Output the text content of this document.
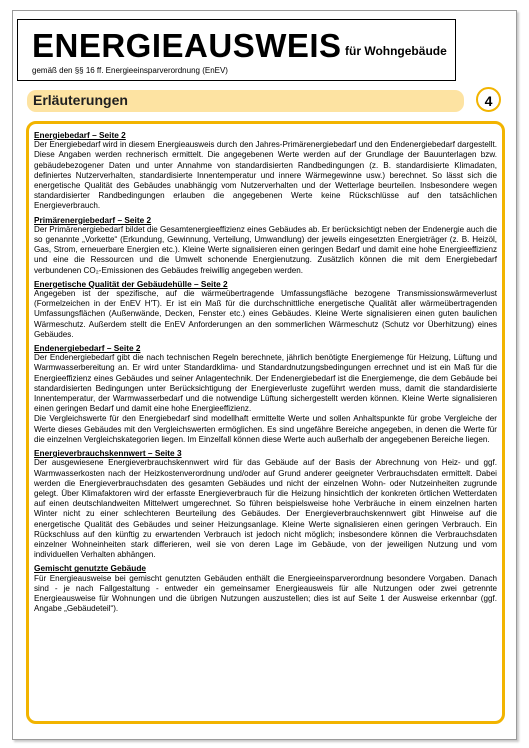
ENERGIEAUSWEIS für Wohngebäude
gemäß den §§ 16 ff. Energieeinsparverordnung (EnEV)
Erläuterungen	4
Energiebedarf – Seite 2

Der Energiebedarf wird in diesem Energieausweis durch den Jahres-Primärenergiebedarf und den Endenergiebedarf dargestellt. Diese Angaben werden rechnerisch ermittelt. Die angegebenen Werte werden auf der Grundlage der Bauunterlagen bzw. gebäudebezogener Daten und unter Annahme von standardisierten Randbedingungen (z. B. standardisierte Klimadaten, definiertes Nutzerverhalten, standardisierte Innentemperatur und innere Wärmegewinne usw.) berechnet. So lässt sich die energetische Qualität des Gebäudes unabhängig vom Nutzerverhalten und der Wetterlage beurteilen. Insbesondere wegen standardisierter Randbedingungen erlauben die angegebenen Werte keine Rückschlüsse auf den tatsächlichen Energieverbrauch.

Primärenergiebedarf – Seite 2

Der Primärenergiebedarf bildet die Gesamtenergieeffizienz eines Gebäudes ab. Er berücksichtigt neben der Endenergie auch die so genannte „Vorkette“ (Erkundung, Gewinnung, Verteilung, Umwandlung) der jeweils eingesetzten Energieträger (z. B. Heizöl, Gas, Strom, erneuerbare Energien etc.). Kleine Werte signalisieren einen geringen Bedarf und damit eine hohe Energieeffizienz und eine die Ressourcen und die Umwelt schonende Energienutzung. Zusätzlich können die mit dem Energiebedarf verbundenen CO₂-Emissionen des Gebäudes freiwillig angegeben werden.

Energetische Qualität der Gebäudehülle – Seite 2

Angegeben ist der spezifische, auf die wärmeübertragende Umfassungsfläche bezogene Transmissionswärmeverlust (Formelzeichen in der EnEV H'T). Er ist ein Maß für die durchschnittliche energetische Qualität aller wärmeübertragenden Umfassungsflächen (Außenwände, Decken, Fenster etc.) eines Gebäudes. Kleine Werte signalisieren einen guten baulichen Wärmeschutz. Außerdem stellt die EnEV Anforderungen an den sommerlichen Wärmeschutz (Schutz vor Überhitzung) eines Gebäudes.

Endenergiebedarf – Seite 2

Der Endenergiebedarf gibt die nach technischen Regeln berechnete, jährlich benötigte Energiemenge für Heizung, Lüftung und Warmwasserbereitung an. Er wird unter Standardklima- und Standardnutzungsbedingungen errechnet und ist ein Maß für die Energieeffizienz eines Gebäudes und seiner Anlagentechnik. Der Endenergiebedarf ist die Energiemenge, die dem Gebäude bei standardisierten Bedingungen unter Berücksichtigung der Energieverluste zugeführt werden muss, damit die standardisierte Innentemperatur, der Warmwasserbedarf und die notwendige Lüftung sichergestellt werden können. Kleine Werte signalisieren einen geringen Bedarf und damit eine hohe Energieeffizienz.

Die Vergleichswerte für den Energiebedarf sind modellhaft ermittelte Werte und sollen Anhaltspunkte für grobe Vergleiche der Werte dieses Gebäudes mit den Vergleichswerten ermöglichen. Es sind ungefähre Bereiche angegeben, in denen die Werte für die einzelnen Vergleichskategorien liegen. Im Einzelfall können diese Werte auch außerhalb der angegebenen Bereiche liegen.

Energieverbrauchskennwert – Seite 3

Der ausgewiesene Energieverbrauchskennwert wird für das Gebäude auf der Basis der Abrechnung von Heiz- und ggf. Warmwasserkosten nach der Heizkostenverordnung und/oder auf Grund anderer geeigneter Verbrauchsdaten ermittelt. Dabei werden die Energieverbrauchsdaten des gesamten Gebäudes und nicht der einzelnen Wohn- oder Nutzeinheiten zugrunde gelegt. Über Klimafaktoren wird der erfasste Energieverbrauch für die Heizung hinsichtlich der konkreten örtlichen Wetterdaten auf einen deutschlandweiten Mittelwert umgerechnet. So führen beispielsweise hohe Verbräuche in einem einzelnen harten Winter nicht zu einer schlechteren Beurteilung des Gebäudes. Der Energieverbrauchskennwert gibt Hinweise auf die energetische Qualität des Gebäudes und seiner Heizungsanlage. Kleine Werte signalisieren einen geringen Verbrauch. Ein Rückschluss auf den künftig zu erwartenden Verbrauch ist jedoch nicht möglich; insbesondere können die Verbrauchsdaten einzelner Wohneinheiten stark differieren, weil sie von deren Lage im Gebäude, von der jeweiligen Nutzung und vom individuellen Verhalten abhängen.

Gemischt genutzte Gebäude

Für Energieausweise bei gemischt genutzten Gebäuden enthält die Energieeinsparverordnung besondere Vorgaben. Danach sind - je nach Fallgestaltung - entweder ein gemeinsamer Energieausweis für alle Nutzungen oder zwei getrennte Energieausweise für Wohnungen und die übrigen Nutzungen auszustellen; dies ist auf Seite 1 der Ausweise erkennbar (ggf. Angabe „Gebäudeteil“).
